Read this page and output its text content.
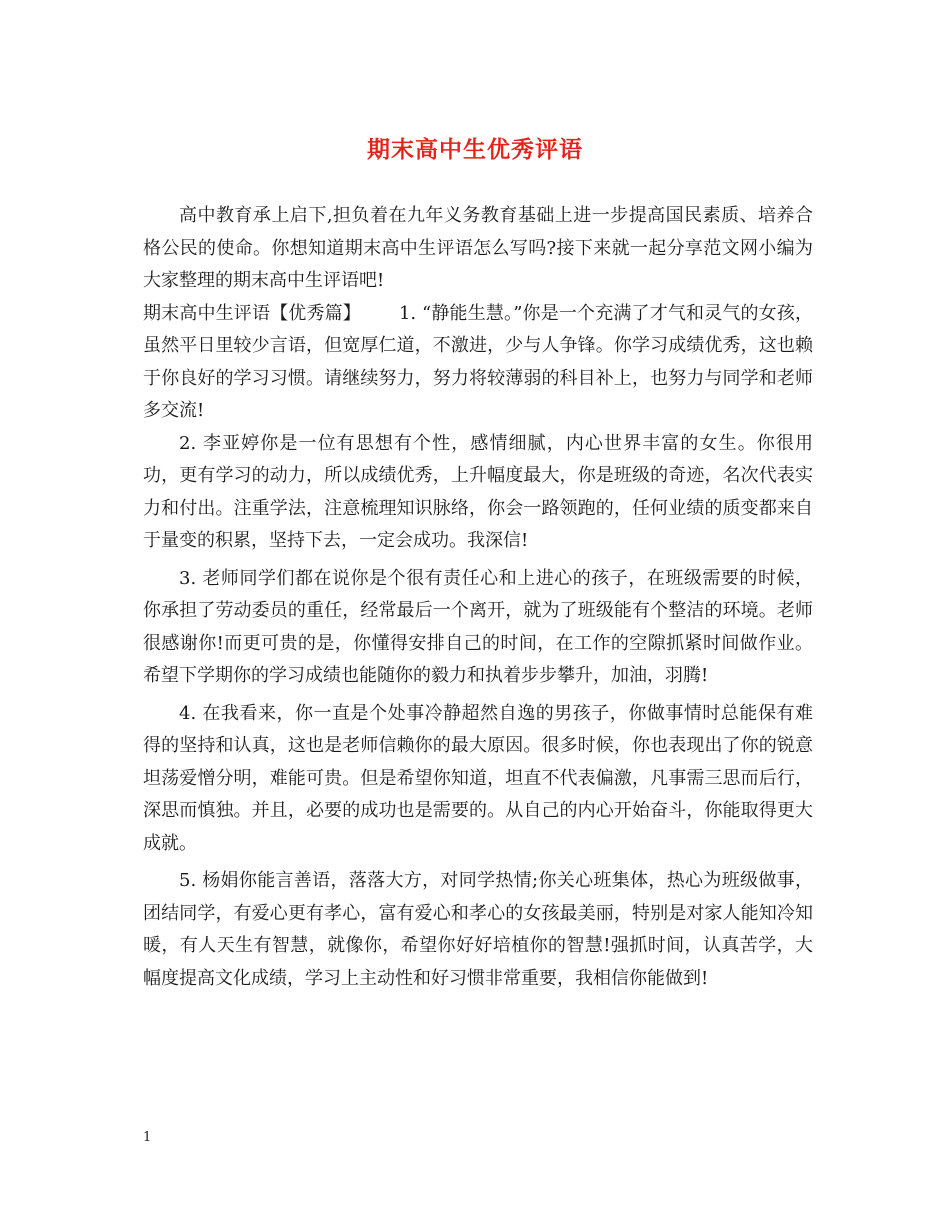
期末高中生优秀评语

高中教育承上启下,担负着在九年义务教育基础上进一步提高国民素质、培养合格公民的使命。你想知道期末高中生评语怎么写吗?接下来就一起分享范文网小编为大家整理的期末高中生评语吧!

期末高中生评语【优秀篇】 1. “静能生慧。”你是一个充满了才气和灵气的女孩，虽然平日里较少言语，但宽厚仁道，不激进，少与人争锋。你学习成绩优秀，这也赖于你良好的学习习惯。请继续努力，努力将较薄弱的科目补上，也努力与同学和老师多交流!

2. 李亚婷你是一位有思想有个性，感情细腻，内心世界丰富的女生。你很用功，更有学习的动力，所以成绩优秀，上升幅度最大，你是班级的奇迹，名次代表实力和付出。注重学法，注意梳理知识脉络，你会一路领跑的，任何业绩的质变都来自于量变的积累，坚持下去，一定会成功。我深信!

3. 老师同学们都在说你是个很有责任心和上进心的孩子，在班级需要的时候，你承担了劳动委员的重任，经常最后一个离开，就为了班级能有个整洁的环境。老师很感谢你!而更可贵的是，你懂得安排自己的时间，在工作的空隙抓紧时间做作业。希望下学期你的学习成绩也能随你的毅力和执着步步攀升，加油，羽腾!

4. 在我看来，你一直是个处事冷静超然自逸的男孩子，你做事情时总能保有难得的坚持和认真，这也是老师信赖你的最大原因。很多时候，你也表现出了你的锐意坦荡爱憎分明，难能可贵。但是希望你知道，坦直不代表偏激，凡事需三思而后行，深思而慎独。并且，必要的成功也是需要的。从自己的内心开始奋斗，你能取得更大成就。

5. 杨娟你能言善语，落落大方，对同学热情;你关心班集体，热心为班级做事，团结同学，有爱心更有孝心，富有爱心和孝心的女孩最美丽，特别是对家人能知冷知暖，有人天生有智慧，就像你，希望你好好培植你的智慧!强抓时间，认真苦学，大幅度提高文化成绩，学习上主动性和好习惯非常重要，我相信你能做到!

1
